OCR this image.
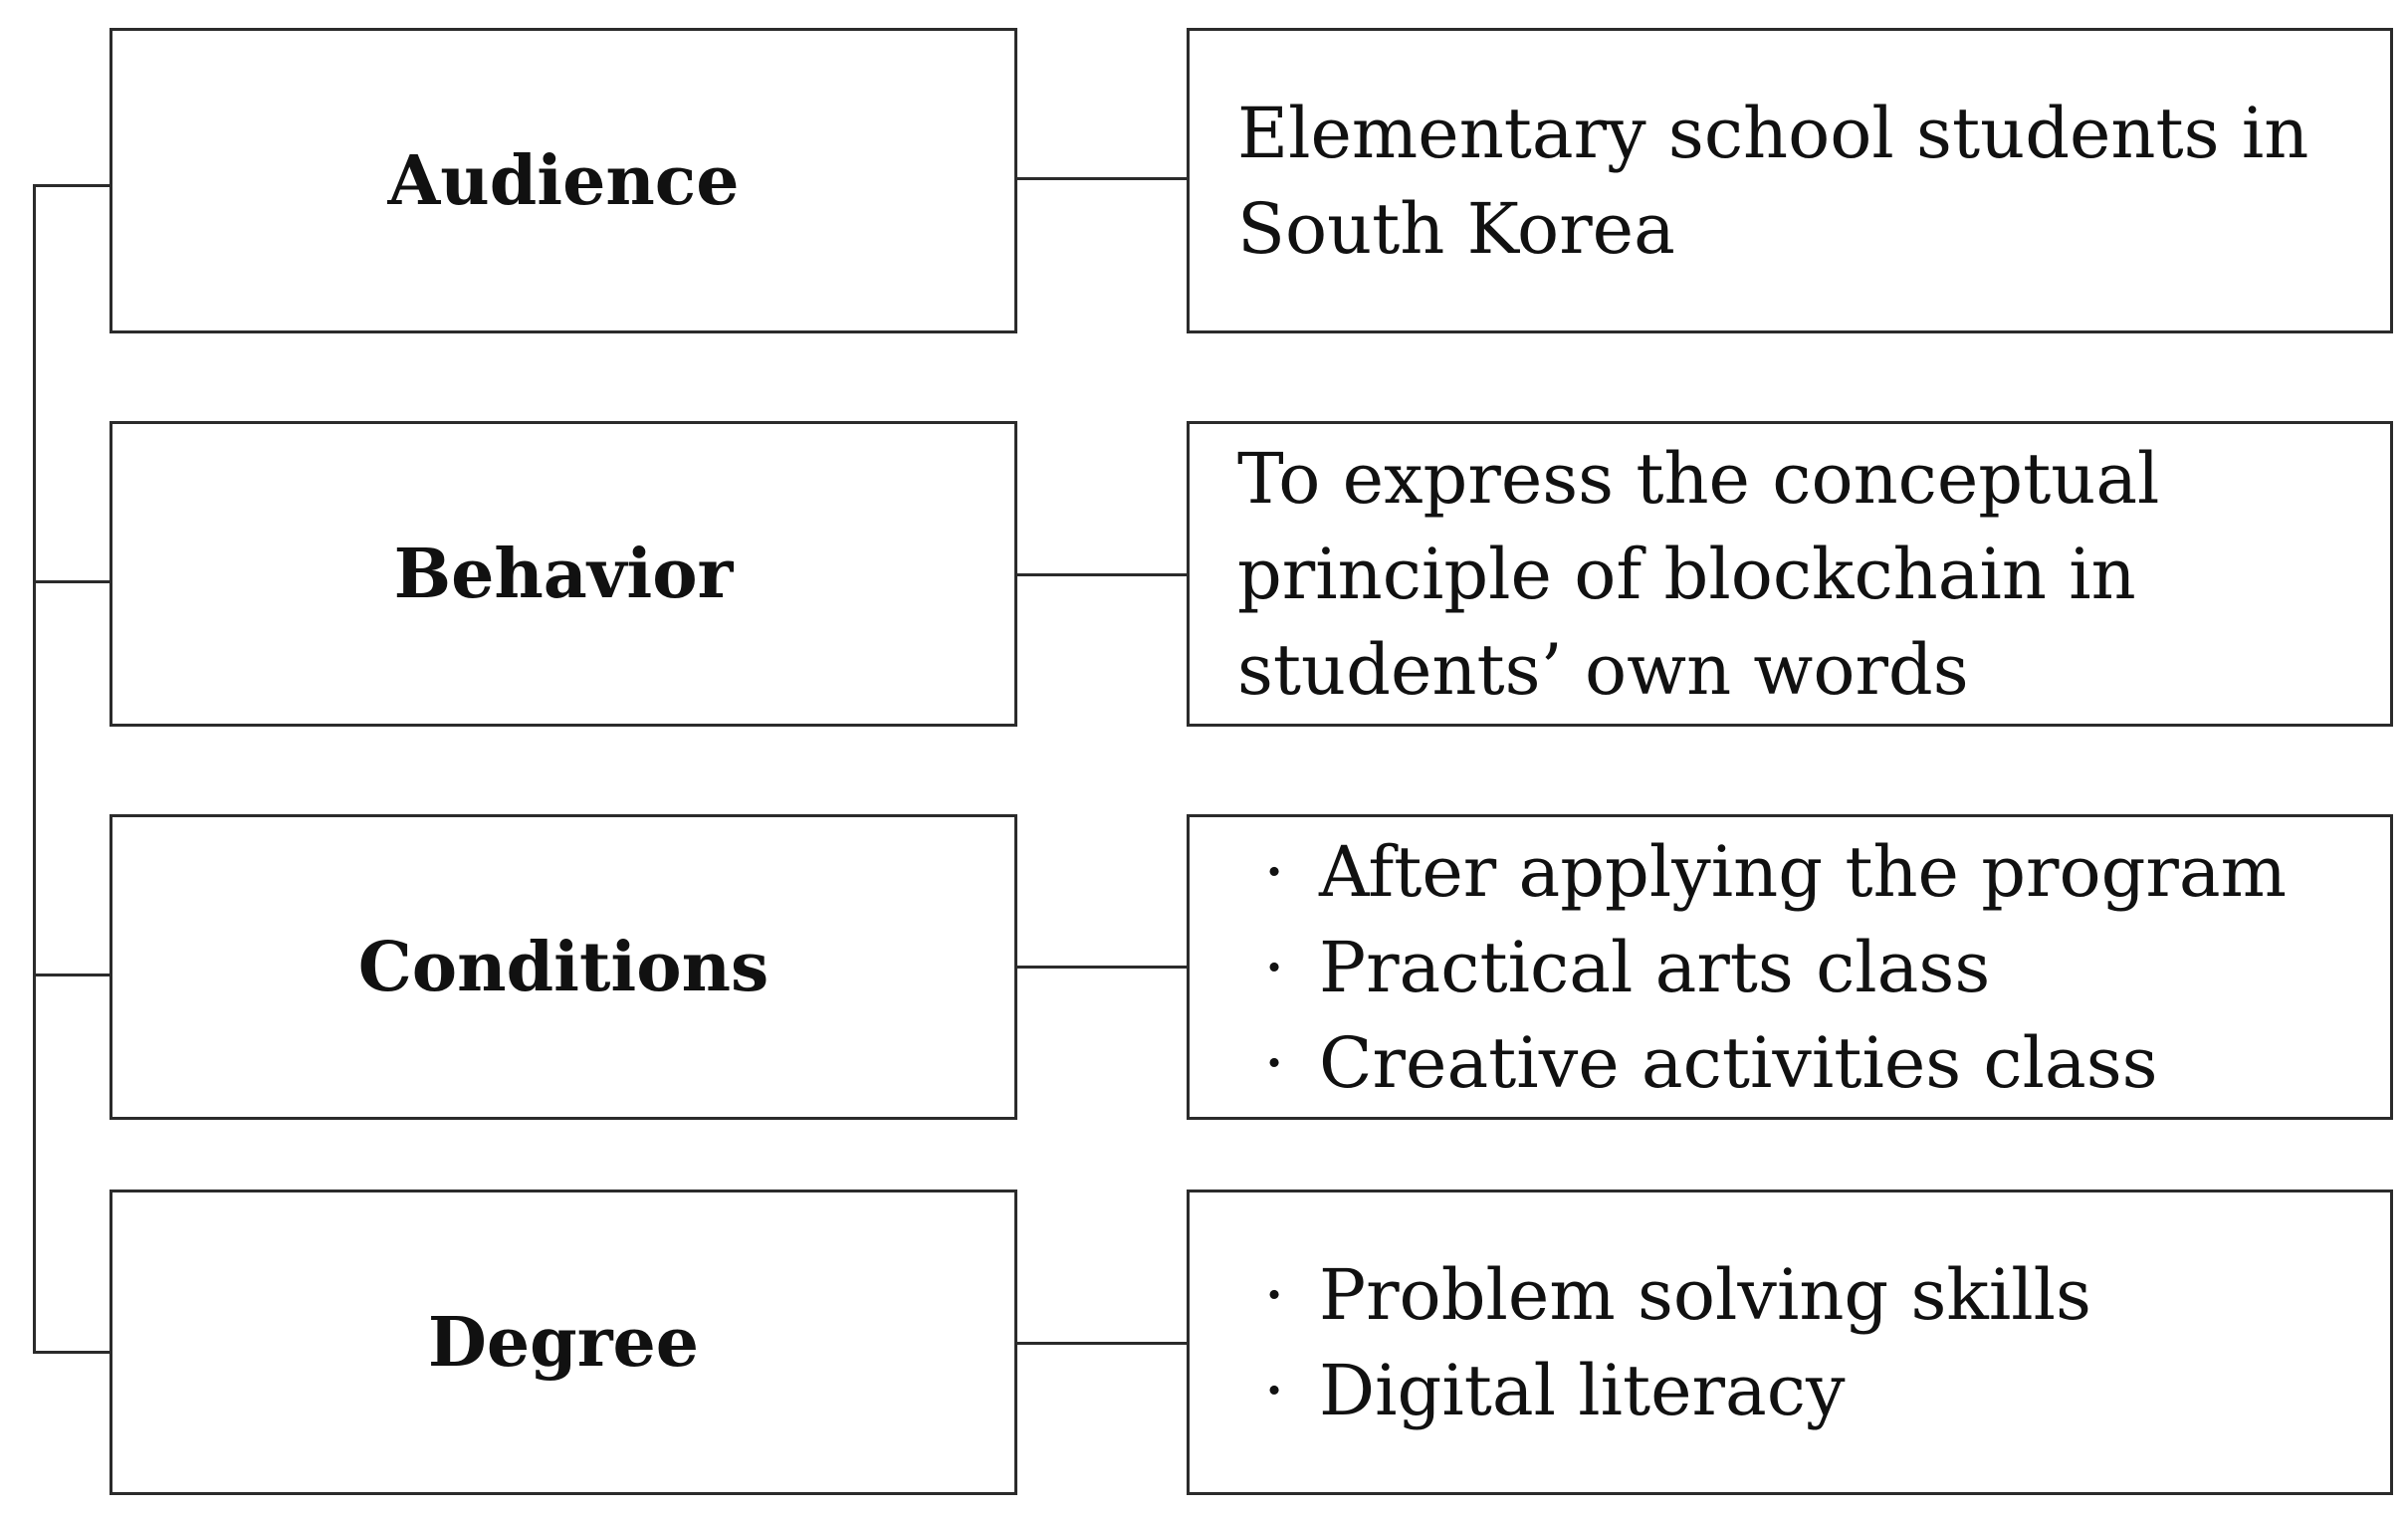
Audience
Elementary school students in
South Korea
Behavior
To express the conceptual
principle of blockchain in
students’ own words
Conditions
· After applying the program
· Practical arts class
· Creative activities class
Degree
· Problem solving skills
· Digital literacy
